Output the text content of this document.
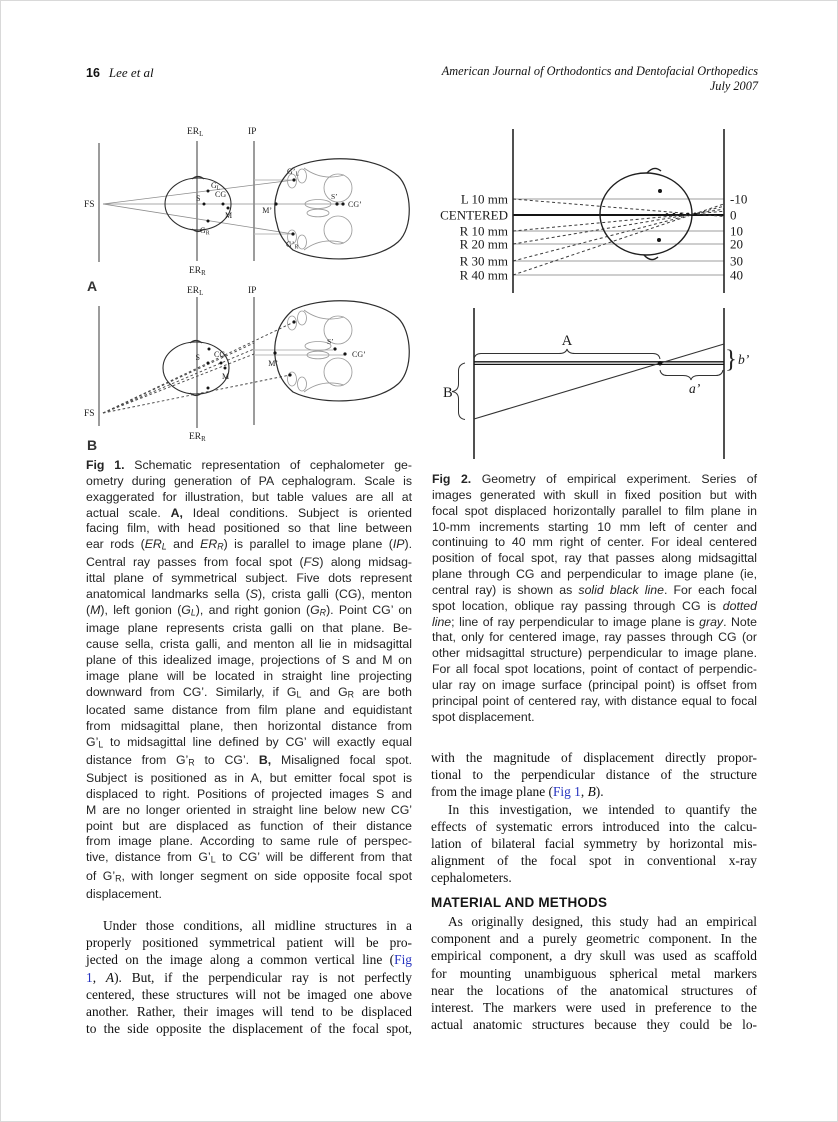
16 Lee et al	American Journal of Orthodontics and Dentofacial Orthopedics
July 2007
FS
$ER_L$
$ER_R$
IP
GL
S CG
M
GR
G’L
M’
S’
CG’
G’R
A
FS
$ER_L$
$ER_R$
IP
S CG
M
S’
CG’
M’
B
Fig 1. Schematic representation of cephalometer ge-
ometry during generation of PA cephalogram. Scale is
exaggerated for illustration, but table values are all at
actual scale. A, Ideal conditions. Subject is oriented
facing film, with head positioned so that line between
ear rods (ERL and ERR) is parallel to image plane (IP).
Central ray passes from focal spot (FS) along midsag-
ittal plane of symmetrical subject. Five dots represent
anatomical landmarks sella (S), crista galli (CG), menton
(M), left gonion (GL), and right gonion (GR). Point CG’ on
image plane represents crista galli on that plane. Be-
cause sella, crista galli, and menton all lie in midsagittal
plane of this idealized image, projections of S and M on
image plane will be located in straight line projecting
downward from CG’. Similarly, if GL and GR are both
located same distance from film plane and equidistant
from midsagittal plane, then horizontal distance from
G’L to midsagittal line defined by CG’ will exactly equal
distance from G’R to CG’. B, Misaligned focal spot.
Subject is positioned as in A, but emitter focal spot is
displaced to right. Positions of projected images S and
M are no longer oriented in straight line below new CG’
point but are displaced as function of their distance
from image plane. According to same rule of perspec-
tive, distance from G’L to CG’ will be different from that
of G’R, with longer segment on side opposite focal spot
displacement.
Under those conditions, all midline structures in a
properly positioned symmetrical patient will be pro-
jected on the image along a common vertical line (Fig
1, A). But, if the perpendicular ray is not perfectly
centered, these structures will not be imaged one above
another. Rather, their images will tend to be displaced
to the side opposite the displacement of the focal spot,
L 10 mm
CENTERED
R 10 mm
R 20 mm
R 30 mm
R 40 mm
-10
0
10
20
30
40
A
B	a’
} b’
Fig 2. Geometry of empirical experiment. Series of
images generated with skull in fixed position but with
focal spot displaced horizontally parallel to film plane in
10-mm increments starting 10 mm left of center and
continuing to 40 mm right of center. For ideal centered
position of focal spot, ray that passes along midsagittal
plane through CG and perpendicular to image plane (ie,
central ray) is shown as solid black line. For each focal
spot location, oblique ray passing through CG is dotted
line; line of ray perpendicular to image plane is gray. Note
that, only for centered image, ray passes through CG (or
other midsagittal structure) perpendicular to image plane.
For all focal spot locations, point of contact of perpendic-
ular ray on image surface (principal point) is offset from
principal point of centered ray, with distance equal to focal
spot displacement.
with the magnitude of displacement directly propor-
tional to the perpendicular distance of the structure
from the image plane (Fig 1, B).
In this investigation, we intended to quantify the
effects of systematic errors introduced into the calcu-
lation of bilateral facial symmetry by horizontal mis-
alignment of the focal spot in conventional x-ray
cephalometers.
MATERIAL AND METHODS
As originally designed, this study had an empirical
component and a purely geometric component. In the
empirical component, a dry skull was used as scaffold
for mounting unambiguous spherical metal markers
near the locations of the anatomical structures of
interest. The markers were used in preference to the
actual anatomic structures because they could be lo-
